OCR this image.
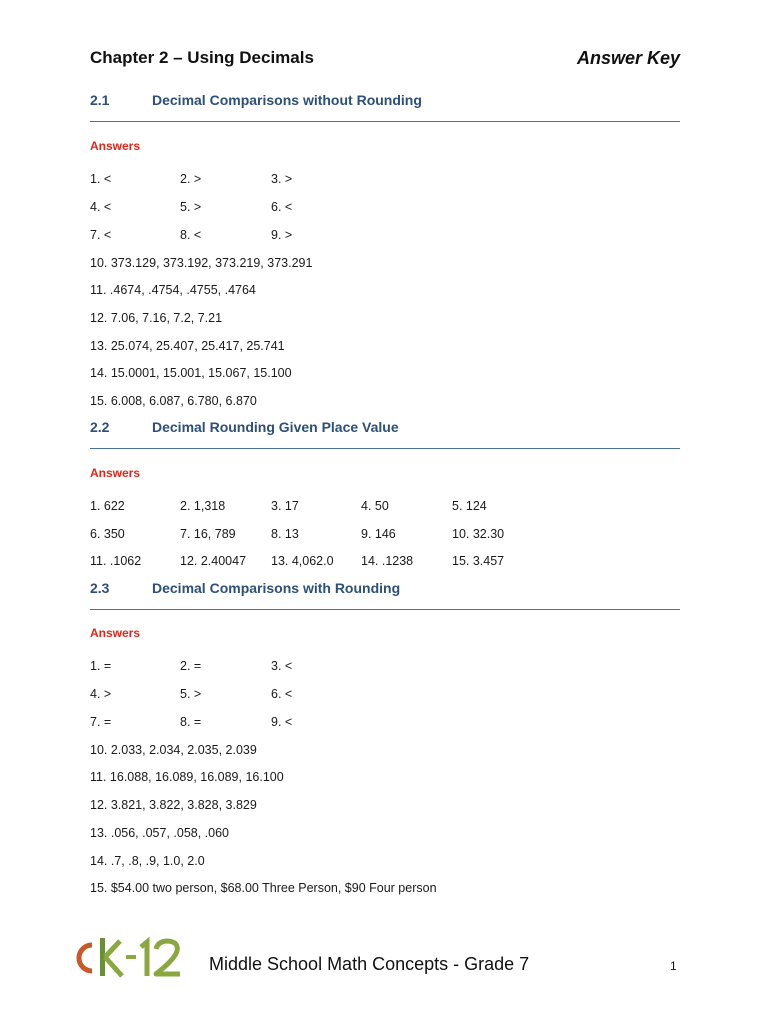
Chapter 2 – Using Decimals	Answer Key
2.1	Decimal Comparisons without Rounding
Answers
1. <	2. >	3. >
4. <	5. >	6. <
7. <	8. <	9. >
10. 373.129, 373.192, 373.219, 373.291
11. .4674, .4754, .4755, .4764
12. 7.06, 7.16, 7.2, 7.21
13. 25.074, 25.407, 25.417, 25.741
14. 15.0001, 15.001, 15.067, 15.100
15. 6.008, 6.087, 6.780, 6.870
2.2	Decimal Rounding Given Place Value
Answers
1. 622	2. 1,318	3. 17	4. 50	5. 124
6. 350	7. 16, 789	8. 13	9. 146	10. 32.30
11. .1062	12. 2.40047 13. 4,062.0 14. .1238	15. 3.457
2.3	Decimal Comparisons with Rounding
Answers
1. =	2. =	3. <
4. >	5. >	6. <
7. =	8. =	9. <
10. 2.033, 2.034, 2.035, 2.039
11. 16.088, 16.089, 16.089, 16.100
12. 3.821, 3.822, 3.828, 3.829
13. .056, .057, .058, .060
14. .7, .8, .9, 1.0, 2.0
15. $54.00 two person, $68.00 Three Person, $90 Four person
Middle School Math Concepts - Grade 7	1
